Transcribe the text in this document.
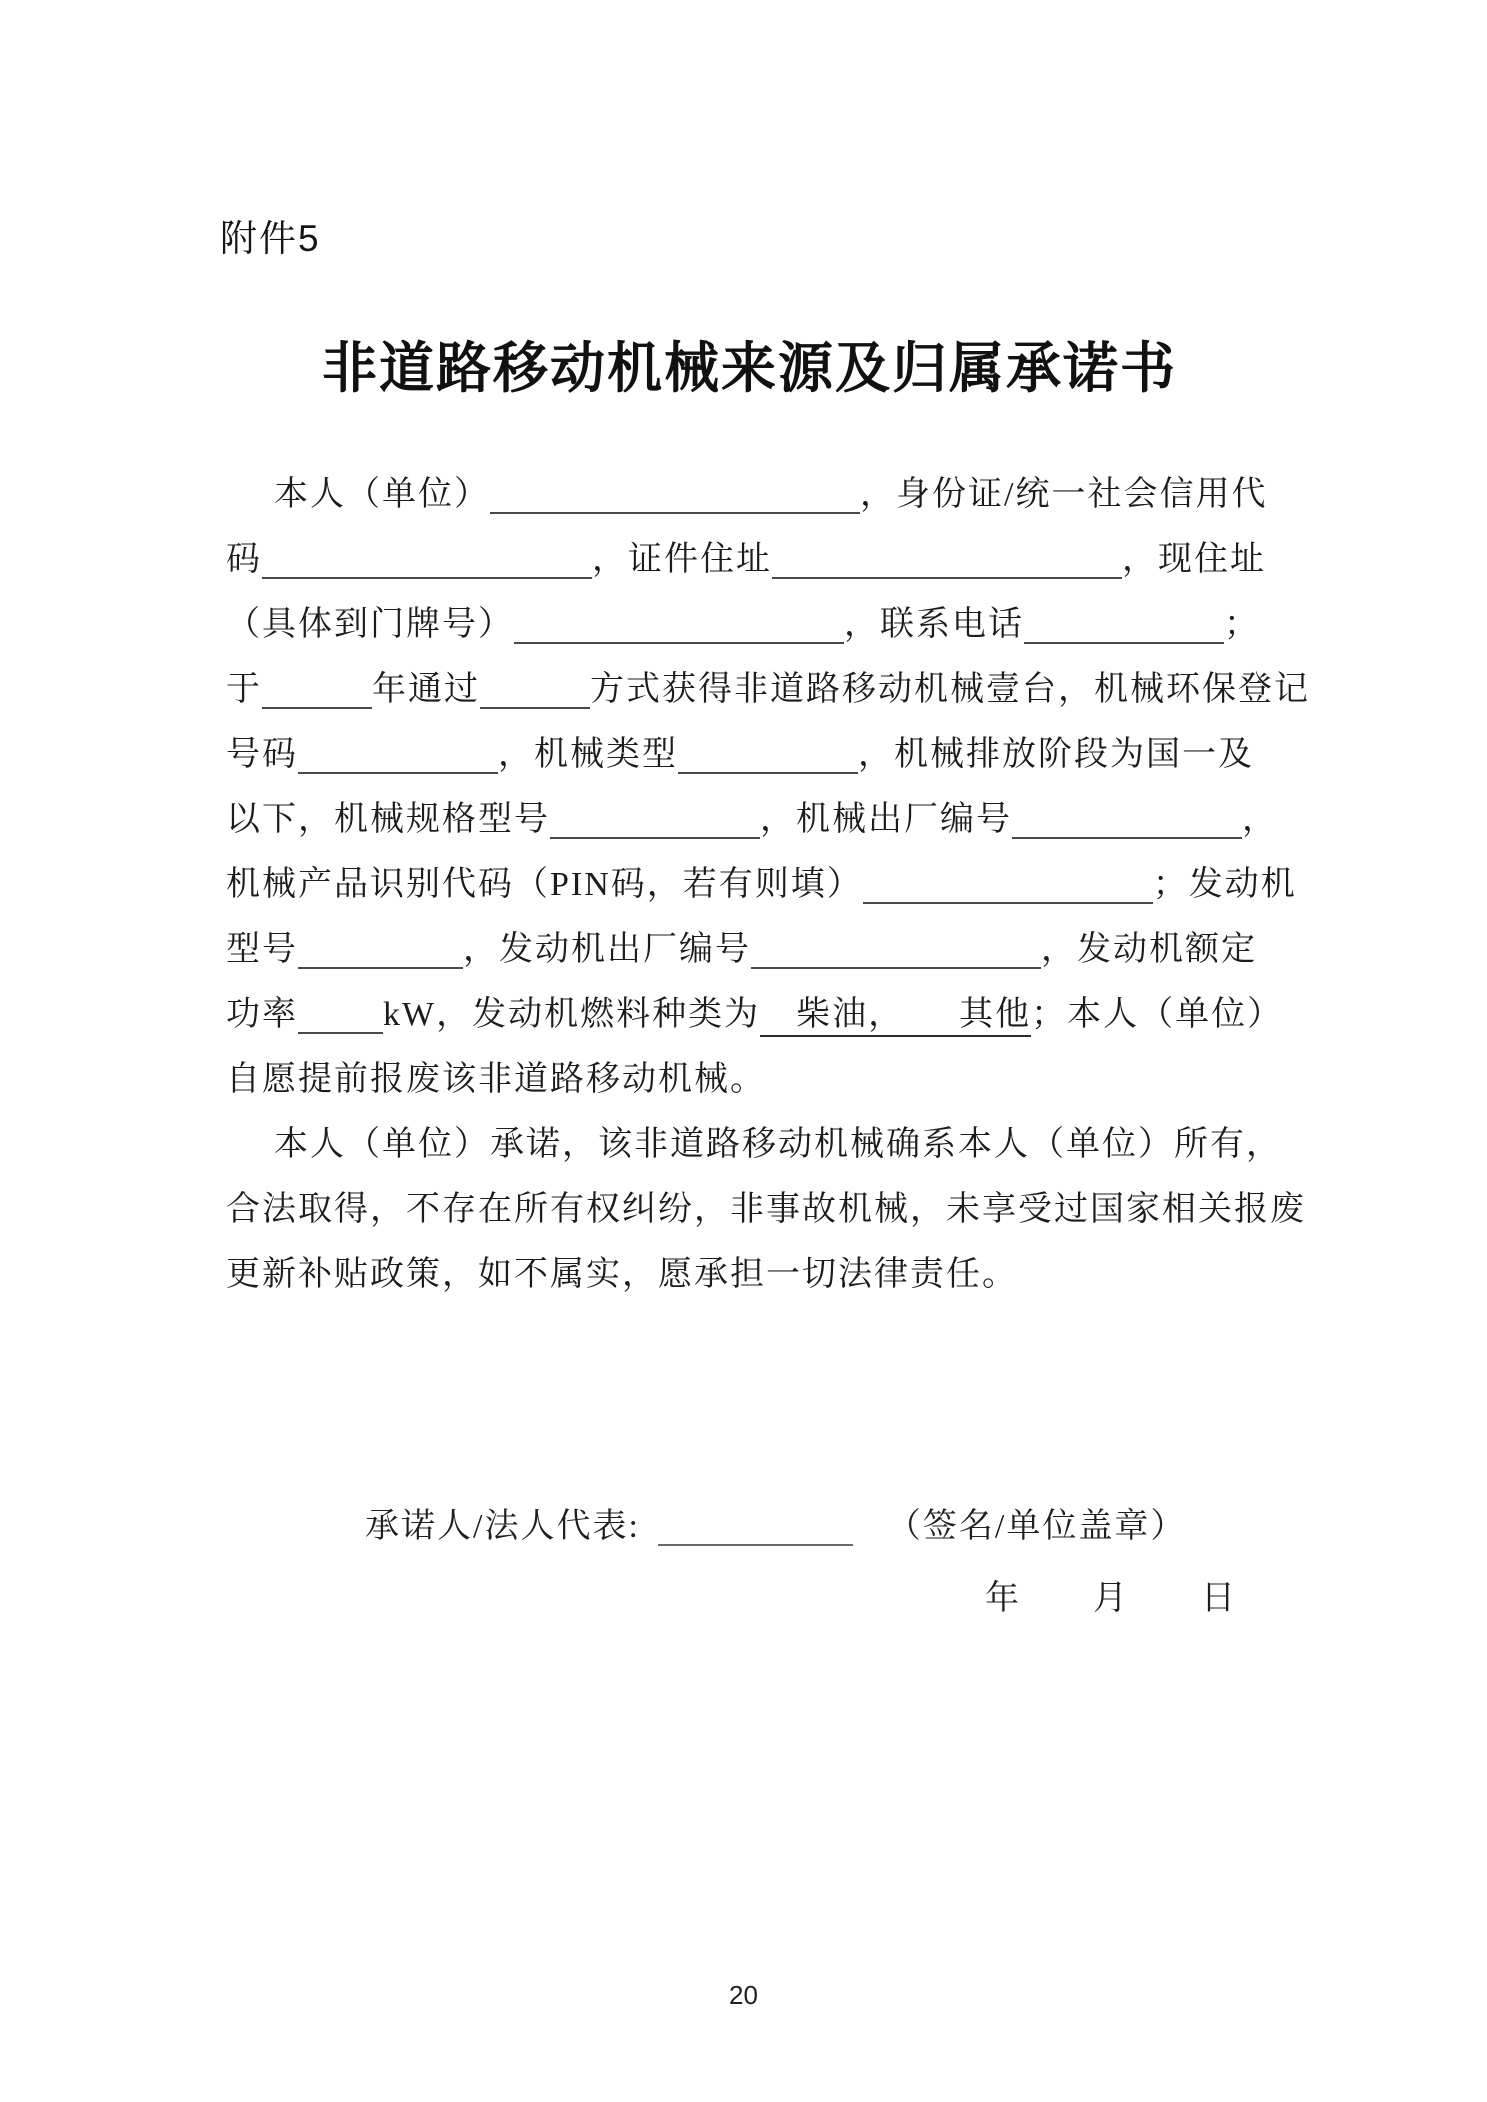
附件5
非道路移动机械来源及归属承诺书
本人（单位）	，身份证/统一社会信用代
码	，证件住址	，现住址
（具体到门牌号）	，联系电话	；
于	年通过	方式获得非道路移动机械壹台，机械环保登记
号码	，机械类型	，机械排放阶段为国一及
以下，机械规格型号	，机械出厂编号	，
机械产品识别代码（PIN码，若有则填）	；发动机
型号	，发动机出厂编号	，发动机额定
功率	kW，发动机燃料种类为　柴油，　　其他；本人（单位）
自愿提前报废该非道路移动机械。
本人（单位）承诺，该非道路移动机械确系本人（单位）所有，
合法取得，不存在所有权纠纷，非事故机械，未享受过国家相关报废
更新补贴政策，如不属实，愿承担一切法律责任。
承诺人/法人代表:	（签名/单位盖章）
年　　月　　日
20
